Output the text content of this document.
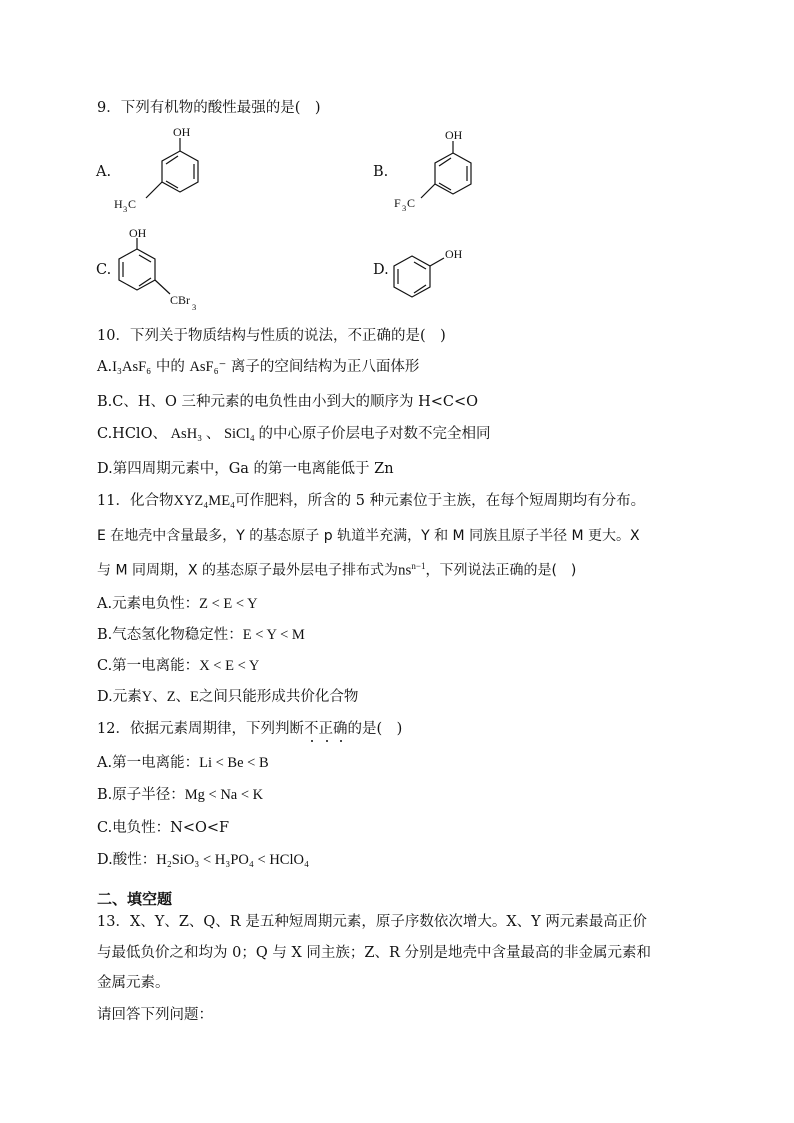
9．下列有机物的酸性最强的是(　)
A.
OH
H 3 C
B.
OH
F 3 C
C.
OH
CBr 3
D.
OH
10．下列关于物质结构与性质的说法，不正确的是(　)
A.I₃AsF₆ 中的 AsF₆⁻ 离子的空间结构为正八面体形
B.C、H、O 三种元素的电负性由小到大的顺序为 H<C<O
C.HClO、 AsH₃ 、 SiCl₄ 的中心原子价层电子对数不完全相同
D.第四周期元素中，Ga 的第一电离能低于 Zn
11．化合物XYZ₄ME₄可作肥料，所含的 5 种元素位于主族，在每个短周期均有分布。
E 在地壳中含量最多，Y 的基态原子 p 轨道半充满，Y 和 M 同族且原子半径 M 更大。X
与 M 同周期，X 的基态原子最外层电子排布式为$ns^{n-1}$，下列说法正确的是(　)
A.元素电负性：Z < E < Y
B.气态氢化物稳定性：E < Y < M
C.第一电离能：X < E < Y
D.元素Y、Z、E之间只能形成共价化合物
12．依据元素周期律，下列判断不正确的是(　)
A.第一电离能：Li < Be < B
B.原子半径：Mg < Na < K
C.电负性：N<O<F
D.酸性：H₂SiO₃ < H₃PO₄ < HClO₄
二、填空题
13．X、Y、Z、Q、R 是五种短周期元素，原子序数依次增大。X、Y 两元素最高正价
与最低负价之和均为 0；Q 与 X 同主族；Z、R 分别是地壳中含量最高的非金属元素和
金属元素。
请回答下列问题：
